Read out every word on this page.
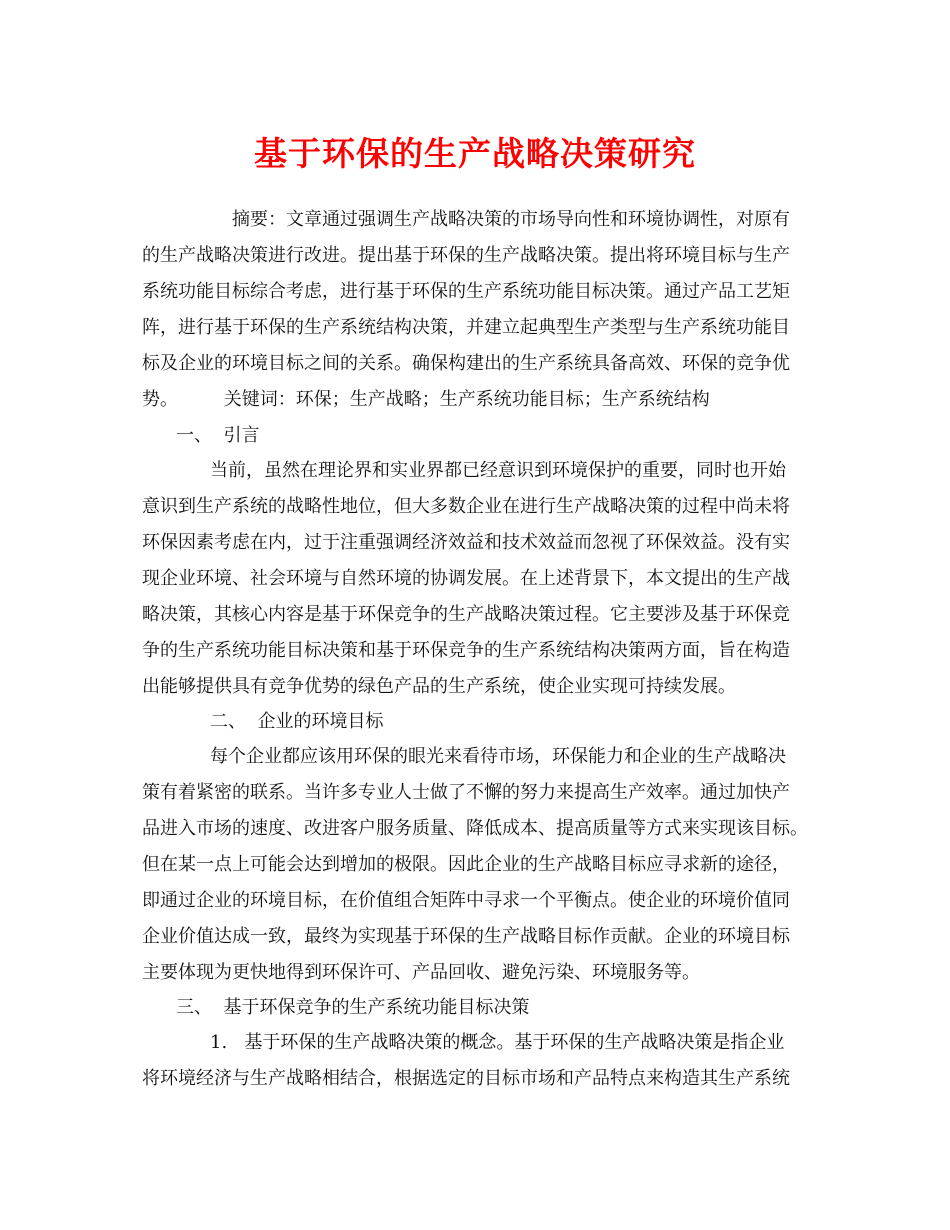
基于环保的生产战略决策研究
摘要：文章通过强调生产战略决策的市场导向性和环境协调性，对原有
的生产战略决策进行改进。提出基于环保的生产战略决策。提出将环境目标与生产
系统功能目标综合考虑，进行基于环保的生产系统功能目标决策。通过产品工艺矩
阵，进行基于环保的生产系统结构决策，并建立起典型生产类型与生产系统功能目
标及企业的环境目标之间的关系。确保构建出的生产系统具备高效、环保的竞争优
势。        关键词：环保；生产战略；生产系统功能目标；生产系统结构
一、  引言
当前，虽然在理论界和实业界都已经意识到环境保护的重要，同时也开始
意识到生产系统的战略性地位，但大多数企业在进行生产战略决策的过程中尚未将
环保因素考虑在内，过于注重强调经济效益和技术效益而忽视了环保效益。没有实
现企业环境、社会环境与自然环境的协调发展。在上述背景下，本文提出的生产战
略决策，其核心内容是基于环保竞争的生产战略决策过程。它主要涉及基于环保竞
争的生产系统功能目标决策和基于环保竞争的生产系统结构决策两方面，旨在构造
出能够提供具有竞争优势的绿色产品的生产系统，使企业实现可持续发展。
二、  企业的环境目标
每个企业都应该用环保的眼光来看待市场，环保能力和企业的生产战略决
策有着紧密的联系。当许多专业人士做了不懈的努力来提高生产效率。通过加快产
品进入市场的速度、改进客户服务质量、降低成本、提高质量等方式来实现该目标。
但在某一点上可能会达到增加的极限。因此企业的生产战略目标应寻求新的途径，
即通过企业的环境目标，在价值组合矩阵中寻求一个平衡点。使企业的环境价值同
企业价值达成一致，最终为实现基于环保的生产战略目标作贡献。企业的环境目标
主要体现为更快地得到环保许可、产品回收、避免污染、环境服务等。
三、  基于环保竞争的生产系统功能目标决策
1.   基于环保的生产战略决策的概念。基于环保的生产战略决策是指企业
将环境经济与生产战略相结合，根据选定的目标市场和产品特点来构造其生产系统
